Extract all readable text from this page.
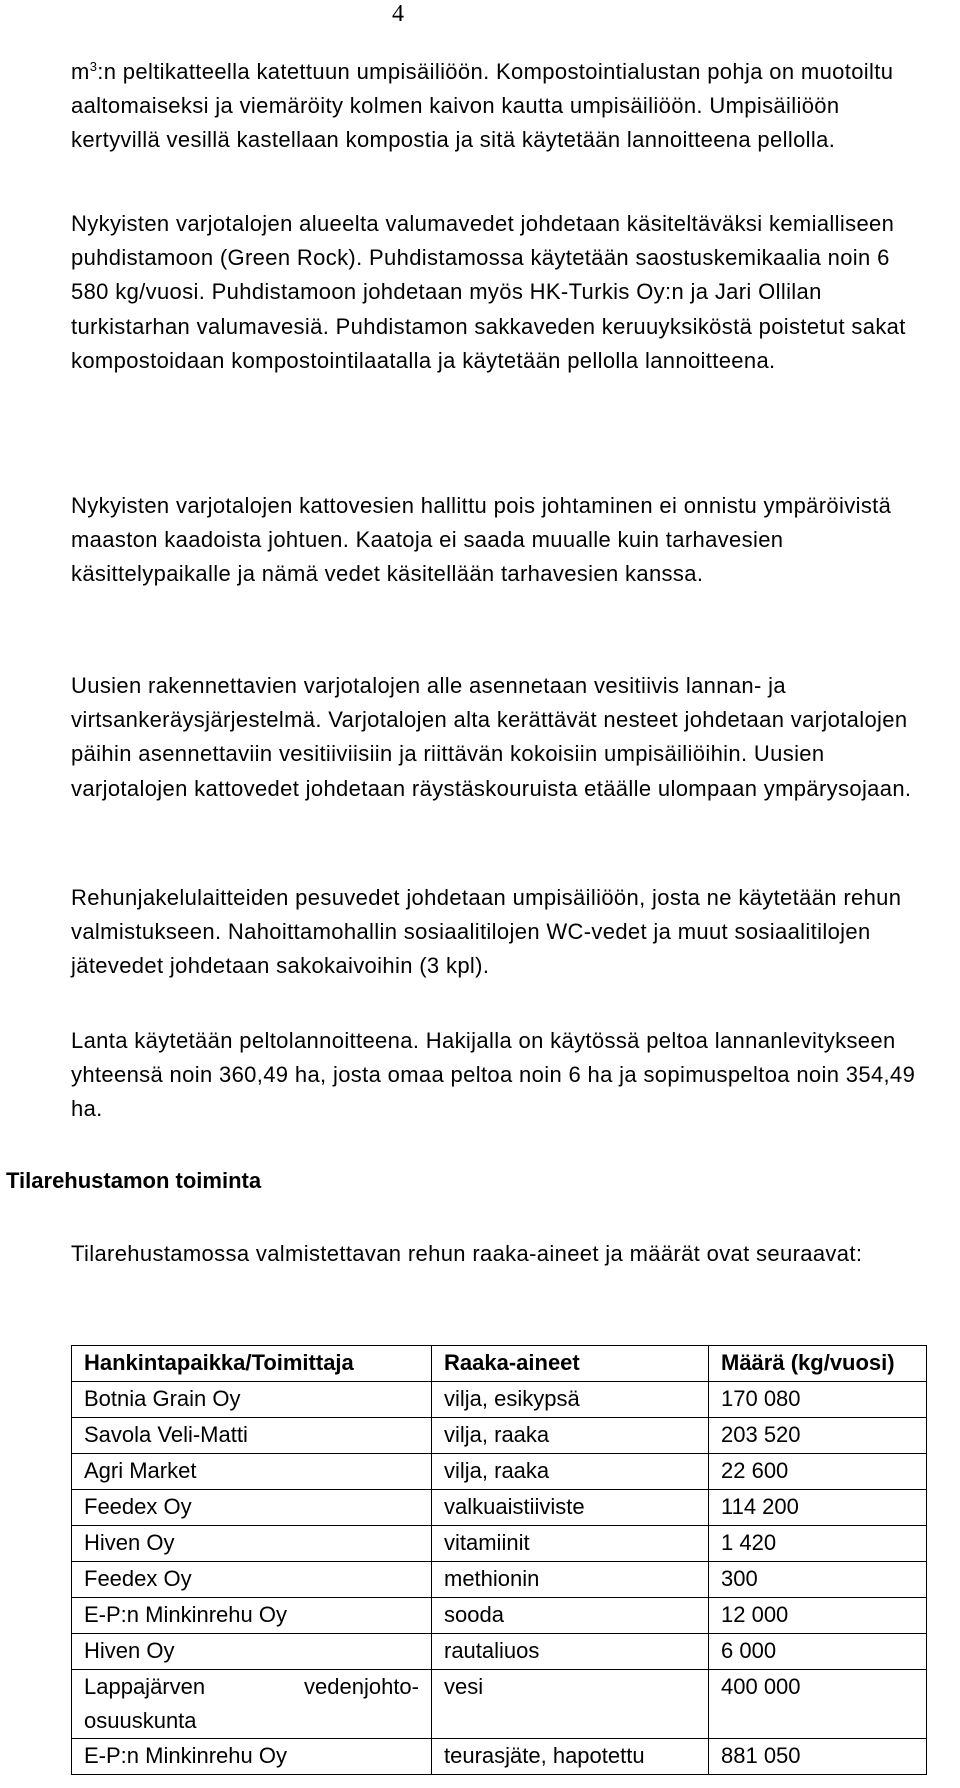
4

$m^3:n$ peltikatteella katettuun umpisäiliöön. Kompostointialustan pohja on muotoiltu aaltomaiseksi ja viemäröity kolmen kaivon kautta umpisäiliöön. Umpisäiliöön kertyvillä vesillä kastellaan kompostia ja sitä käytetään lannoitteena pellolla.

Nykyisten varjotalojen alueelta valumavedet johdetaan käsiteltäväksi kemialliseen puhdistamoon (Green Rock). Puhdistamossa käytetään saostuskemikaalia noin 6 580 kg/vuosi. Puhdistamoon johdetaan myös HK-Turkis Oy:n ja Jari Ollilan turkistarhan valumavesiä. Puhdistamon sakkaveden keruuyksiköstä poistetut sakat kompostoidaan kompostointilaatalla ja käytetään pellolla lannoitteena.

Nykyisten varjotalojen kattovesien hallittu pois johtaminen ei onnistu ympäröivistä maaston kaadoista johtuen. Kaatoja ei saada muualle kuin tarhavesien käsittelypaikalle ja nämä vedet käsitellään tarhavesien kanssa.

Uusien rakennettavien varjotalojen alle asennetaan vesitiivis lannan- ja virtsankeräysjärjestelmä. Varjotalojen alta kerättävät nesteet johdetaan varjotalojen päihin asennettaviin vesitiiviisiin ja riittävän kokoisiin umpisäiliöihin. Uusien varjotalojen kattovedet johdetaan räystäskouruista etäälle ulompaan ympärysojaan.

Rehunjakelulaitteiden pesuvedet johdetaan umpisäiliöön, josta ne käytetään rehun valmistukseen. Nahoittamohallin sosiaalitilojen WC-vedet ja muut sosiaalitilojen jätevedet johdetaan sakokaivoihin (3 kpl).

Lanta käytetään peltolannoitteena. Hakijalla on käytössä peltoa lannanlevitykseen yhteensä noin 360,49 ha, josta omaa peltoa noin 6 ha ja sopimuspeltoa noin 354,49 ha.

Tilarehustamon toiminta

Tilarehustamossa valmistettavan rehun raaka-aineet ja määrät ovat seuraavat:

Hankintapaikka/Toimittaja	Raaka-aineet	Määrä (kg/vuosi)
Botnia Grain Oy	vilja, esikypsä	170 080
Savola Veli-Matti	vilja, raaka	203 520
Agri Market	vilja, raaka	22 600
Feedex Oy	valkuaistiiviste	114 200
Hiven Oy	vitamiinit	1 420
Feedex Oy	methionin	300
E-P:n Minkinrehu Oy	sooda	12 000
Hiven Oy	rautaliuos	6 000

Lappajärven vedenjohto-
osuuskunta	vesi	400 000
E-P:n Minkinrehu Oy	teurasjäte, hapotettu	881 050
